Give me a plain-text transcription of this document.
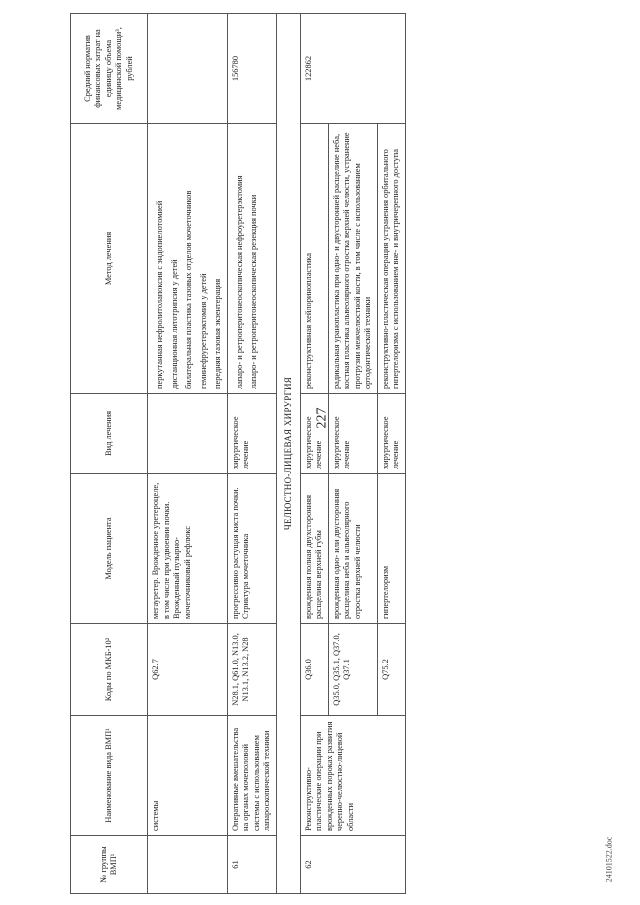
227
24101522.doc
№ группы ВМП¹	Наименование вида ВМП¹	Коды по МКБ-10²	Модель пациента	Вид лечения	Метод лечения	Средний норматив финансовых затрат на единицу объема медицинской помощи³, рублей
	системы	Q62.7	мегауретер. Врожденное уретероцеле, в том числе при удвоении почки. Врожденный пузырно-мочеточниковый рефлюкс		перкутанная нефролитолапоксия с эндопиелотомией дистанционная литотрипсия у детей билатеральная пластика тазовых отделов мочеточников геминефруретерэктомия у детей передняя тазовая экзентерация	

61	Оперативные вмешательства на органах мочеполовой системы с использованием лапароскопической техники	N28.1, Q61.0, N13.0, N13.1, N13.2, N28	прогрессивно растущая киста почки. Стриктура мочеточника	хирургическое лечение	лапаро- и ретроперитонеоскопическая нефроуретерэктомия лапаро- и ретроперитонеоскопическая резекция почки	156780
ЧЕЛЮСТНО-ЛИЦЕВАЯ ХИРУРГИЯ						
62	Реконструктивно-пластические операции при врожденных пороках развития черепно-челюстно-лицевой области	Q36.0	врожденная полная двухсторонняя расщелина верхней губы	хирургическое лечение	реконструктивная хейлоринопластика	122862
		Q35.0, Q35.1, Q37.0, Q37.1	врожденная одно- или двусторонняя расщелина неба и альвеолярного отростка верхней челюсти	хирургическое лечение	радикальная уранопластика при одно- и двусторонней расщелине неба, костная пластика альвеолярного отростка верхней челюсти, устранение протрузии межчелюстной кости, в том числе с использованием ортодонтической техники	
		Q75.2	гипертелоризм	хирургическое лечение	реконструктивно-пластическая операция устранения орбитального гипертелоризма с использованием вне- и внутричерепного доступа	
